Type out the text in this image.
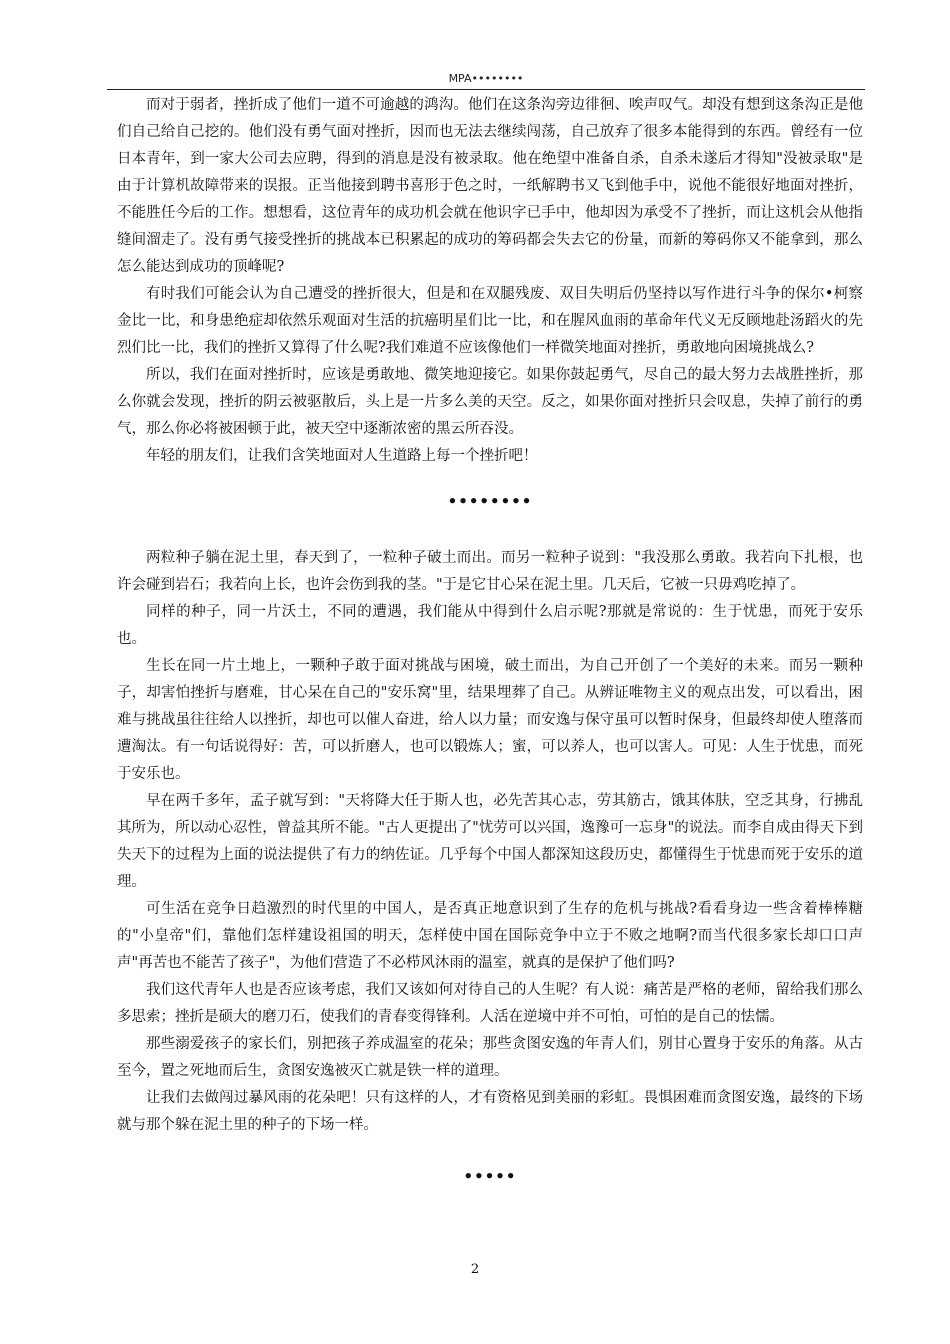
MPA••••••••

而对于弱者，挫折成了他们一道不可逾越的鸿沟。他们在这条沟旁边徘徊、唉声叹气。却没有想到这条沟正是他们自己给自己挖的。他们没有勇气面对挫折，因而也无法去继续闯荡，自己放弃了很多本能得到的东西。曾经有一位日本青年，到一家大公司去应聘，得到的消息是没有被录取。他在绝望中准备自杀，自杀未遂后才得知"没被录取"是由于计算机故障带来的误报。正当他接到聘书喜形于色之时，一纸解聘书又飞到他手中，说他不能很好地面对挫折，不能胜任今后的工作。想想看，这位青年的成功机会就在他识字已手中，他却因为承受不了挫折，而让这机会从他指缝间溜走了。没有勇气接受挫折的挑战本已积累起的成功的筹码都会失去它的份量，而新的筹码你又不能拿到，那么怎么能达到成功的顶峰呢?

有时我们可能会认为自己遭受的挫折很大，但是和在双腿残废、双目失明后仍坚持以写作进行斗争的保尔•柯察金比一比，和身患绝症却依然乐观面对生活的抗癌明星们比一比，和在腥风血雨的革命年代义无反顾地赴汤蹈火的先烈们比一比，我们的挫折又算得了什么呢?我们难道不应该像他们一样微笑地面对挫折，勇敢地向困境挑战么?

所以，我们在面对挫折时，应该是勇敢地、微笑地迎接它。如果你鼓起勇气，尽自己的最大努力去战胜挫折，那么你就会发现，挫折的阴云被驱散后，头上是一片多么美的天空。反之，如果你面对挫折只会叹息，失掉了前行的勇气，那么你必将被困顿于此，被天空中逐渐浓密的黑云所吞没。

年轻的朋友们，让我们含笑地面对人生道路上每一个挫折吧！

••••••••

两粒种子躺在泥土里，春天到了，一粒种子破土而出。而另一粒种子说到："我没那么勇敢。我若向下扎根，也许会碰到岩石；我若向上长，也许会伤到我的茎。"于是它甘心呆在泥土里。几天后，它被一只毋鸡吃掉了。

同样的种子，同一片沃土，不同的遭遇，我们能从中得到什么启示呢?那就是常说的：生于忧患，而死于安乐也。

生长在同一片土地上，一颗种子敢于面对挑战与困境，破土而出，为自己开创了一个美好的未来。而另一颗种子，却害怕挫折与磨难，甘心呆在自己的"安乐窝"里，结果埋葬了自己。从辨证唯物主义的观点出发，可以看出，困难与挑战虽往往给人以挫折，却也可以催人奋进，给人以力量；而安逸与保守虽可以暂时保身，但最终却使人堕落而遭淘汰。有一句话说得好：苦，可以折磨人，也可以锻炼人；蜜，可以养人，也可以害人。可见：人生于忧患，而死于安乐也。

早在两千多年，孟子就写到："天将降大任于斯人也，必先苦其心志，劳其筋古，饿其体肤，空乏其身，行拂乱其所为，所以动心忍性，曾益其所不能。"古人更提出了"忧劳可以兴国，逸豫可一忘身"的说法。而李自成由得天下到失天下的过程为上面的说法提供了有力的纳佐证。几乎每个中国人都深知这段历史，都懂得生于忧患而死于安乐的道理。

可生活在竞争日趋激烈的时代里的中国人，是否真正地意识到了生存的危机与挑战?看看身边一些含着棒棒糖的"小皇帝"们，靠他们怎样建设祖国的明天，怎样使中国在国际竞争中立于不败之地啊?而当代很多家长却口口声声"再苦也不能苦了孩子"，为他们营造了不必栉风沐雨的温室，就真的是保护了他们吗?

我们这代青年人也是否应该考虑，我们又该如何对待自己的人生呢？有人说：痛苦是严格的老师，留给我们那么多思索；挫折是硕大的磨刀石，使我们的青春变得锋利。人活在逆境中并不可怕，可怕的是自己的怯懦。

那些溺爱孩子的家长们，别把孩子养成温室的花朵；那些贪图安逸的年青人们，别甘心置身于安乐的角落。从古至今，置之死地而后生，贪图安逸被灭亡就是铁一样的道理。

让我们去做闯过暴风雨的花朵吧！只有这样的人，才有资格见到美丽的彩虹。畏惧困难而贪图安逸，最终的下场就与那个躲在泥土里的种子的下场一样。

•••••
2
